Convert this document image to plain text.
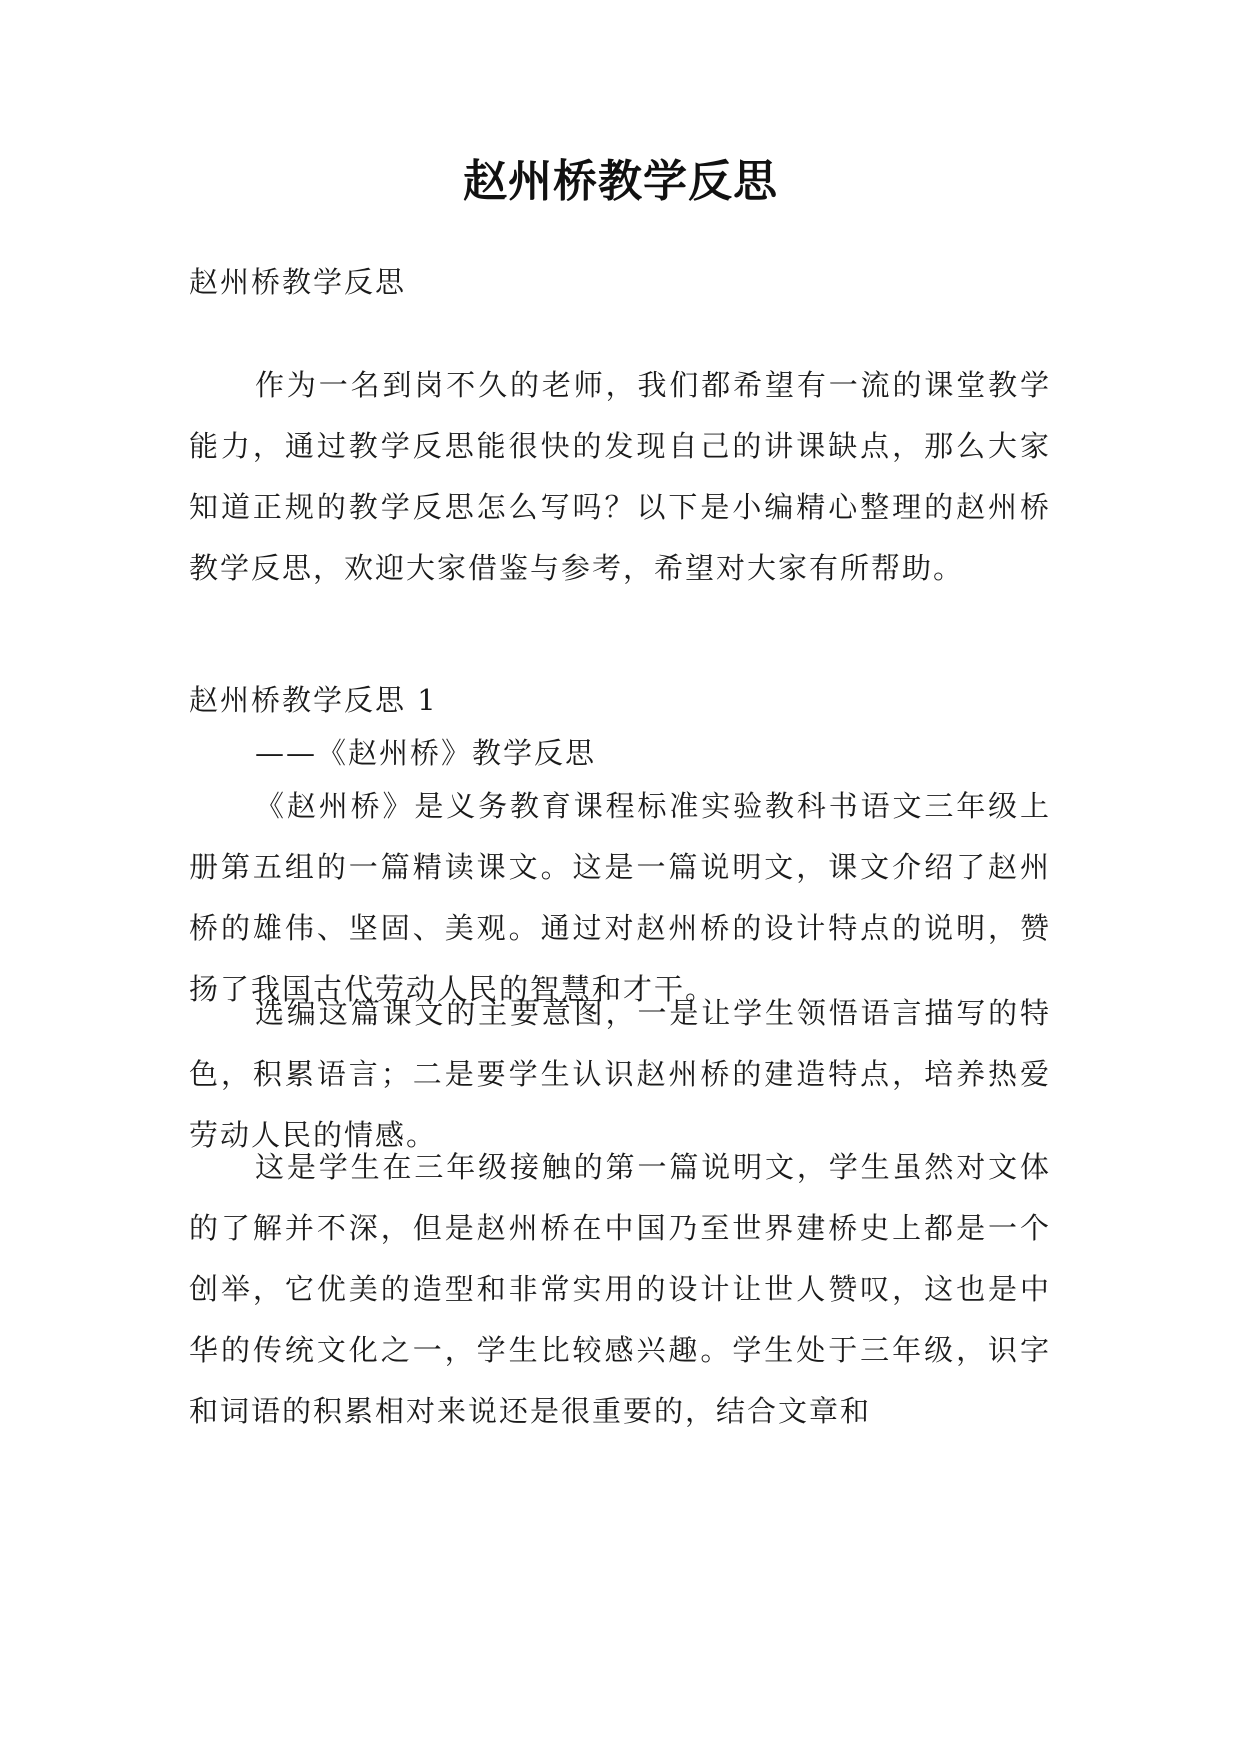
赵州桥教学反思

赵州桥教学反思

作为一名到岗不久的老师，我们都希望有一流的课堂教学能力，通过教学反思能很快的发现自己的讲课缺点，那么大家知道正规的教学反思怎么写吗？以下是小编精心整理的赵州桥教学反思，欢迎大家借鉴与参考，希望对大家有所帮助。

赵州桥教学反思 1

——《赵州桥》教学反思

《赵州桥》是义务教育课程标准实验教科书语文三年级上册第五组的一篇精读课文。这是一篇说明文，课文介绍了赵州桥的雄伟、坚固、美观。通过对赵州桥的设计特点的说明，赞扬了我国古代劳动人民的智慧和才干。

选编这篇课文的主要意图，一是让学生领悟语言描写的特色，积累语言；二是要学生认识赵州桥的建造特点，培养热爱劳动人民的情感。

这是学生在三年级接触的第一篇说明文，学生虽然对文体的了解并不深，但是赵州桥在中国乃至世界建桥史上都是一个创举，它优美的造型和非常实用的设计让世人赞叹，这也是中华的传统文化之一，学生比较感兴趣。学生处于三年级，识字和词语的积累相对来说还是很重要的，结合文章和
